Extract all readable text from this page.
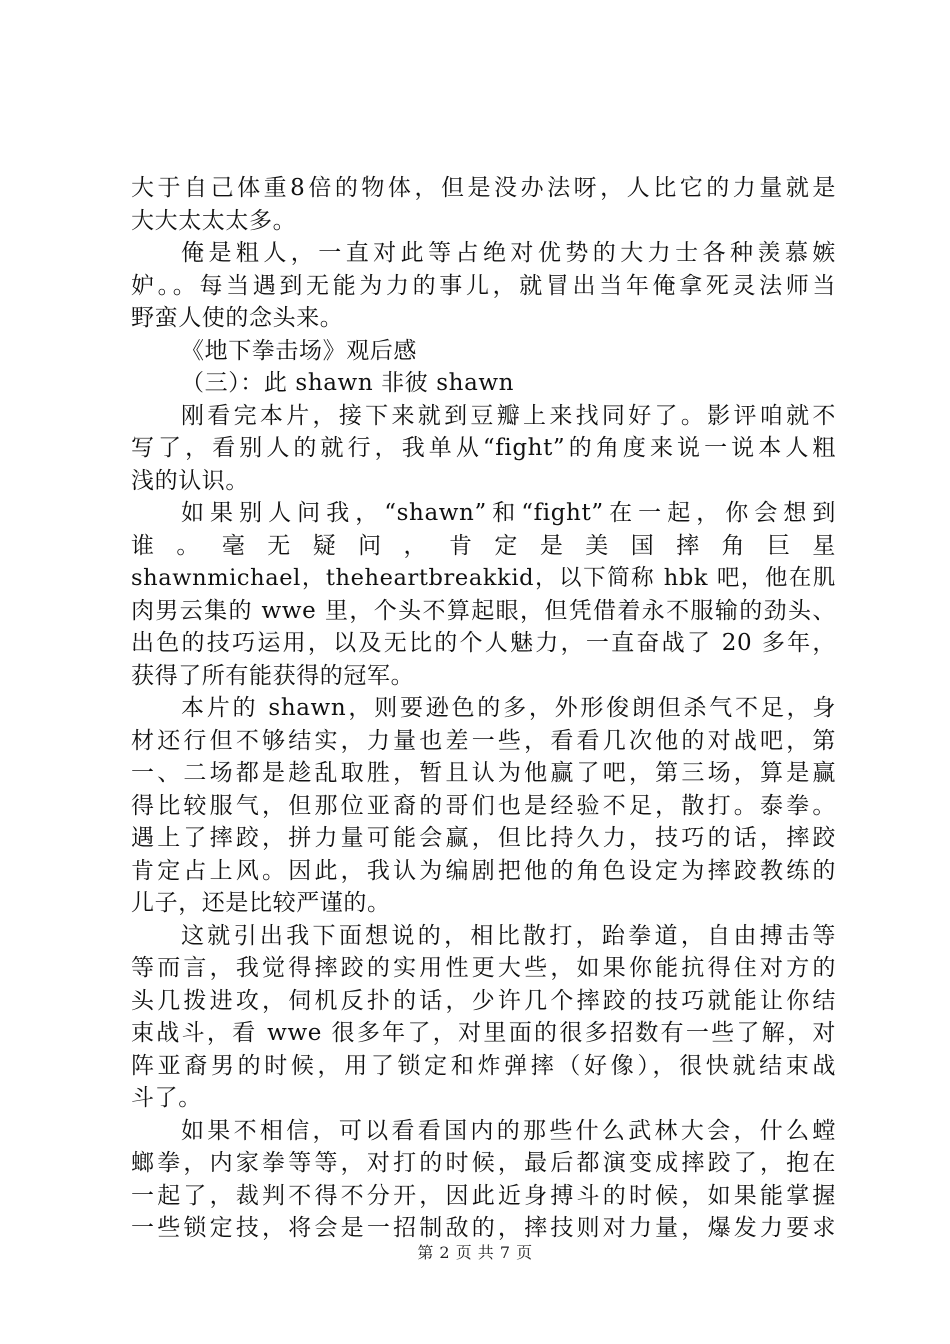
大于自己体重8倍的物体，但是没办法呀，人比它的力量就是
大大太太太多。
俺是粗人，一直对此等占绝对优势的大力士各种羡慕嫉
妒。。每当遇到无能为力的事儿，就冒出当年俺拿死灵法师当
野蛮人使的念头来。
《地下拳击场》观后感
（三）：此 shawn 非彼 shawn
刚看完本片，接下来就到豆瓣上来找同好了。影评咱就不
写了，看别人的就行，我单从“fight”的角度来说一说本人粗
浅的认识。
如果别人问我，“shawn”和“fight”在一起，你会想到
谁 。 毫 无 疑 问 ， 肯 定 是 美 国 摔 角 巨 星
shawnmichael，theheartbreakkid，以下简称 hbk 吧，他在肌
肉男云集的 wwe 里，个头不算起眼，但凭借着永不服输的劲头、
出色的技巧运用，以及无比的个人魅力，一直奋战了 20 多年，
获得了所有能获得的冠军。
本片的 shawn，则要逊色的多，外形俊朗但杀气不足，身
材还行但不够结实，力量也差一些，看看几次他的对战吧，第
一、二场都是趁乱取胜，暂且认为他赢了吧，第三场，算是赢
得比较服气，但那位亚裔的哥们也是经验不足，散打。泰拳。
遇上了摔跤，拼力量可能会赢，但比持久力，技巧的话，摔跤
肯定占上风。因此，我认为编剧把他的角色设定为摔跤教练的
儿子，还是比较严谨的。
这就引出我下面想说的，相比散打，跆拳道，自由搏击等
等而言，我觉得摔跤的实用性更大些，如果你能抗得住对方的
头几拨进攻，伺机反扑的话，少许几个摔跤的技巧就能让你结
束战斗，看 wwe 很多年了，对里面的很多招数有一些了解，对
阵亚裔男的时候，用了锁定和炸弹摔（好像），很快就结束战
斗了。
如果不相信，可以看看国内的那些什么武林大会，什么螳
螂拳，内家拳等等，对打的时候，最后都演变成摔跤了，抱在
一起了，裁判不得不分开，因此近身搏斗的时候，如果能掌握
一些锁定技，将会是一招制敌的，摔技则对力量，爆发力要求
第 2 页 共 7 页
